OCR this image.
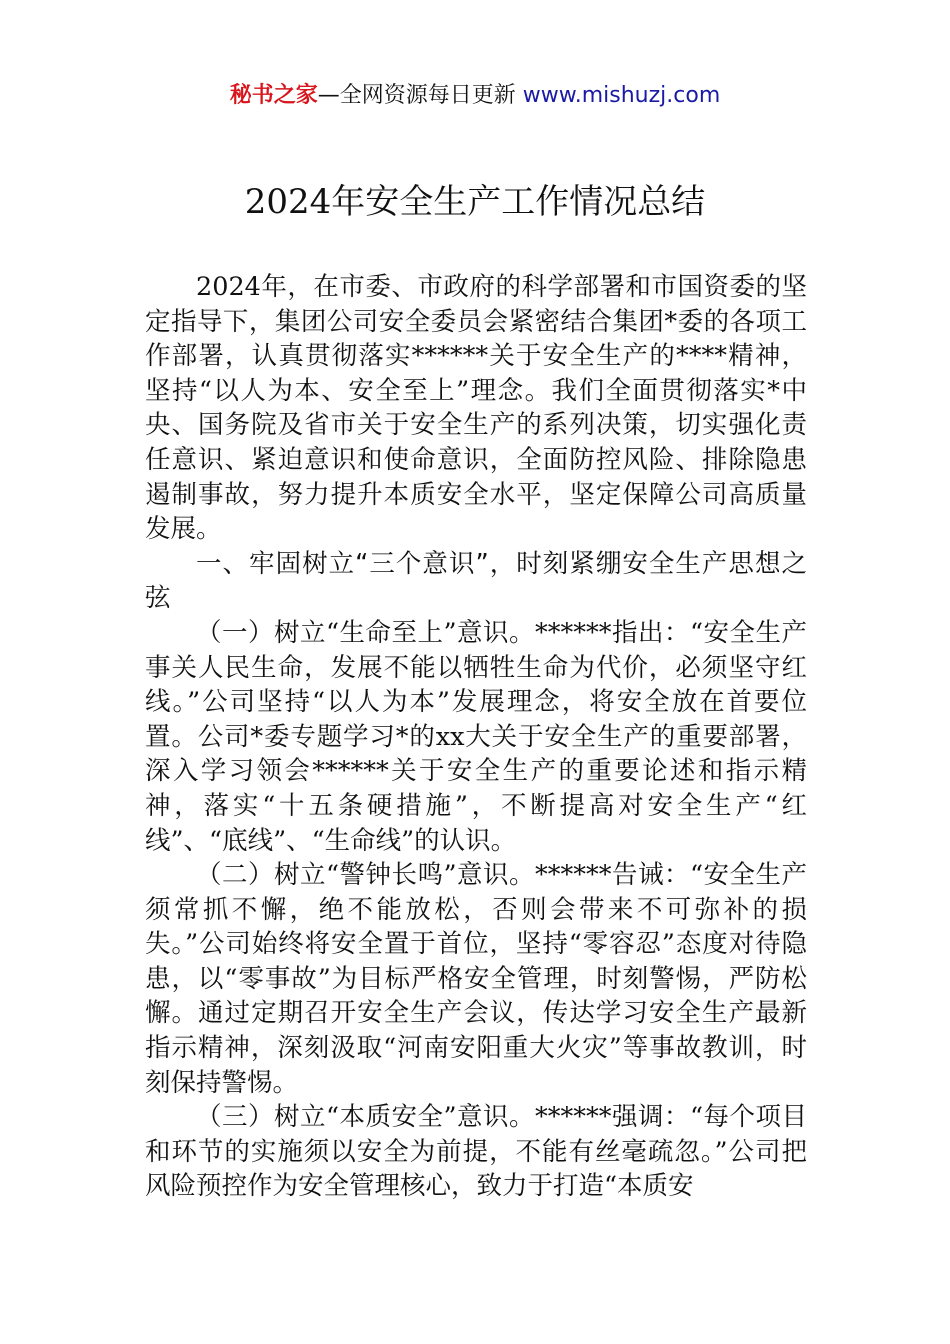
秘书之家—全网资源每日更新 www.mishuzj.com
2024年安全生产工作情况总结

2024年，在市委、市政府的科学部署和市国资委的坚定指导下，集团公司安全委员会紧密结合集团*委的各项工作部署，认真贯彻落实******关于安全生产的****精神，坚持“以人为本、安全至上”理念。我们全面贯彻落实*中央、国务院及省市关于安全生产的系列决策，切实强化责任意识、紧迫意识和使命意识，全面防控风险、排除隐患遏制事故，努力提升本质安全水平，坚定保障公司高质量发展。

一、牢固树立“三个意识”，时刻紧绷安全生产思想之弦

（一）树立“生命至上”意识。******指出：“安全生产事关人民生命，发展不能以牺牲生命为代价，必须坚守红线。”公司坚持“以人为本”发展理念，将安全放在首要位置。公司*委专题学习*的xx大关于安全生产的重要部署，深入学习领会******关于安全生产的重要论述和指示精神，落实“十五条硬措施”，不断提高对安全生产“红线”、“底线”、“生命线”的认识。

（二）树立“警钟长鸣”意识。******告诫：“安全生产须常抓不懈，绝不能放松，否则会带来不可弥补的损失。”公司始终将安全置于首位，坚持“零容忍”态度对待隐患，以“零事故”为目标严格安全管理，时刻警惕，严防松懈。通过定期召开安全生产会议，传达学习安全生产最新指示精神，深刻汲取“河南安阳重大火灾”等事故教训，时刻保持警惕。

（三）树立“本质安全”意识。******强调：“每个项目和环节的实施须以安全为前提，不能有丝毫疏忽。”公司把风险预控作为安全管理核心，致力于打造“本质安
